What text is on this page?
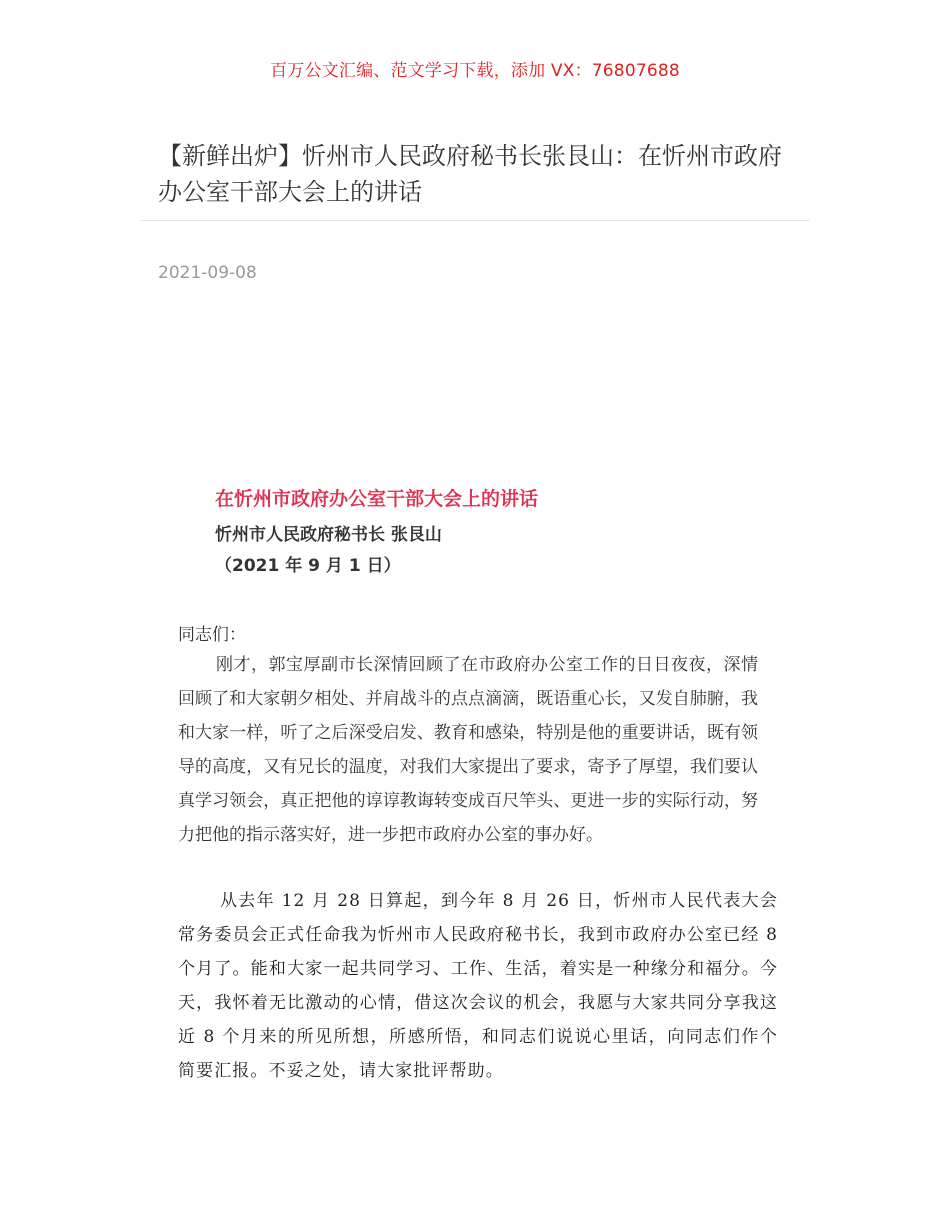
百万公文汇编、范文学习下载，添加 VX：76807688
【新鲜出炉】忻州市人民政府秘书长张艮山：在忻州市政府办公室干部大会上的讲话
2021-09-08
在忻州市政府办公室干部大会上的讲话
忻州市人民政府秘书长 张艮山
（2021 年 9 月 1 日）
同志们：

刚才，郭宝厚副市长深情回顾了在市政府办公室工作的日日夜夜，深情回顾了和大家朝夕相处、并肩战斗的点点滴滴，既语重心长，又发自肺腑，我和大家一样，听了之后深受启发、教育和感染，特别是他的重要讲话，既有领导的高度，又有兄长的温度，对我们大家提出了要求，寄予了厚望，我们要认真学习领会，真正把他的谆谆教诲转变成百尺竿头、更进一步的实际行动，努力把他的指示落实好，进一步把市政府办公室的事办好。

从去年 12 月 28 日算起，到今年 8 月 26 日，忻州市人民代表大会常务委员会正式任命我为忻州市人民政府秘书长，我到市政府办公室已经 8 个月了。能和大家一起共同学习、工作、生活，着实是一种缘分和福分。今天，我怀着无比激动的心情，借这次会议的机会，我愿与大家共同分享我这近 8 个月来的所见所想，所感所悟，和同志们说说心里话，向同志们作个简要汇报。不妥之处，请大家批评帮助。
